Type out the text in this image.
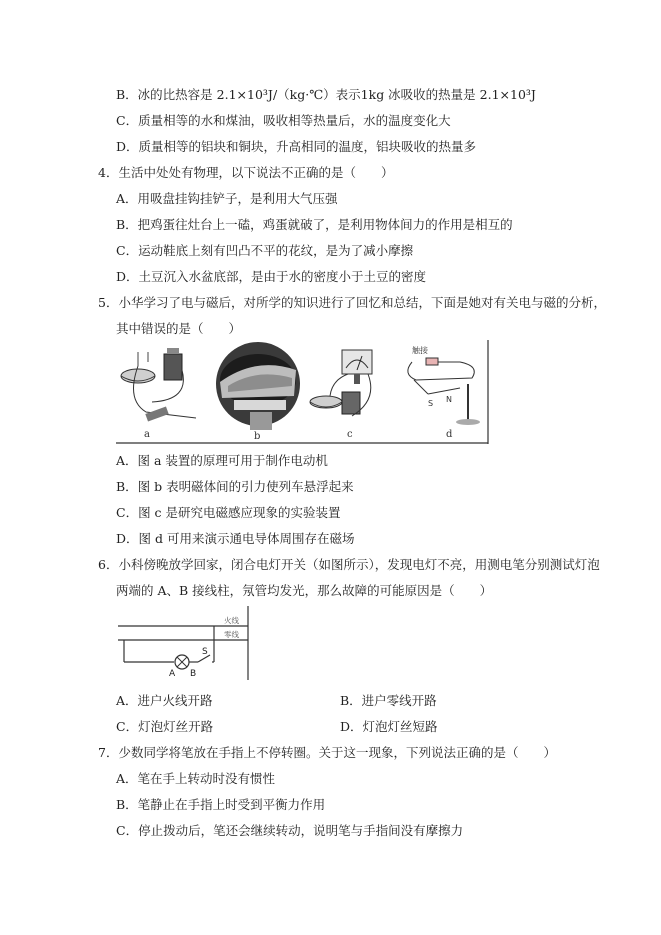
B．冰的比热容是 2.1×10³J/（kg·℃）表示1kg 冰吸收的热量是 2.1×10³J
C．质量相等的水和煤油，吸收相等热量后，水的温度变化大
D．质量相等的铝块和铜块，升高相同的温度，铝块吸收的热量多
4．生活中处处有物理，以下说法不正确的是（　　）
A．用吸盘挂钩挂铲子，是利用大气压强
B．把鸡蛋往灶台上一磕，鸡蛋就破了，是利用物体间力的作用是相互的
C．运动鞋底上刻有凹凸不平的花纹，是为了减小摩擦
D．土豆沉入水盆底部，是由于水的密度小于土豆的密度
5．小华学习了电与磁后，对所学的知识进行了回忆和总结，下面是她对有关电与磁的分析，
其中错误的是（　　）
a	b	c
触接
S N
d
A．图 a 装置的原理可用于制作电动机
B．图 b 表明磁体间的引力使列车悬浮起来
C．图 c 是研究电磁感应现象的实验装置
D．图 d 可用来演示通电导体周围存在磁场
6．小科傍晚放学回家，闭合电灯开关（如图所示），发现电灯不亮，用测电笔分别测试灯泡
两端的 A、B 接线柱，氖管均发光，那么故障的可能原因是（　　）
火线
零线
A B
S
A．进户火线开路	B．进户零线开路
C．灯泡灯丝开路	D．灯泡灯丝短路
7．少数同学将笔放在手指上不停转圈。关于这一现象，下列说法正确的是（　　）
A．笔在手上转动时没有惯性
B．笔静止在手指上时受到平衡力作用
C．停止拨动后，笔还会继续转动，说明笔与手指间没有摩擦力
